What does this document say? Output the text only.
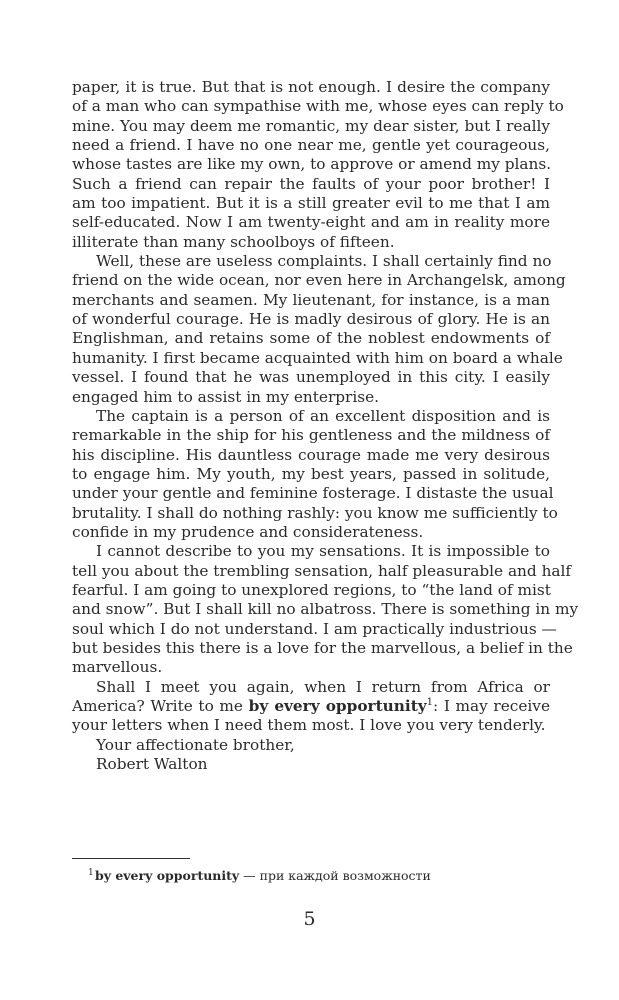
paper, it is true. But that is not enough. I desire the company
of a man who can sympathise with me, whose eyes can reply to
mine. You may deem me romantic, my dear sister, but I really
need a friend. I have no one near me, gentle yet courageous,
whose tastes are like my own, to approve or amend my plans.
Such a friend can repair the faults of your poor brother! I
am too impatient. But it is a still greater evil to me that I am
self-educated. Now I am twenty-eight and am in reality more
illiterate than many schoolboys of fifteen.
Well, these are useless complaints. I shall certainly find no
friend on the wide ocean, nor even here in Archangelsk, among
merchants and seamen. My lieutenant, for instance, is a man
of wonderful courage. He is madly desirous of glory. He is an
Englishman, and retains some of the noblest endowments of
humanity. I first became acquainted with him on board a whale
vessel. I found that he was unemployed in this city. I easily
engaged him to assist in my enterprise.
The captain is a person of an excellent disposition and is
remarkable in the ship for his gentleness and the mildness of
his discipline. His dauntless courage made me very desirous
to engage him. My youth, my best years, passed in solitude,
under your gentle and feminine fosterage. I distaste the usual
brutality. I shall do nothing rashly: you know me sufficiently to
confide in my prudence and considerateness.
I cannot describe to you my sensations. It is impossible to
tell you about the trembling sensation, half pleasurable and half
fearful. I am going to unexplored regions, to “the land of mist
and snow”. But I shall kill no albatross. There is something in my
soul which I do not understand. I am practically industrious —
but besides this there is a love for the marvellous, a belief in the
marvellous.
Shall I meet you again, when I return from Africa or
America? Write to me by every opportunity$^1$: I may receive
your letters when I need them most. I love you very tenderly.
Your affectionate brother,
Robert Walton
$^1$ by every opportunity — при каждой возможности
5
